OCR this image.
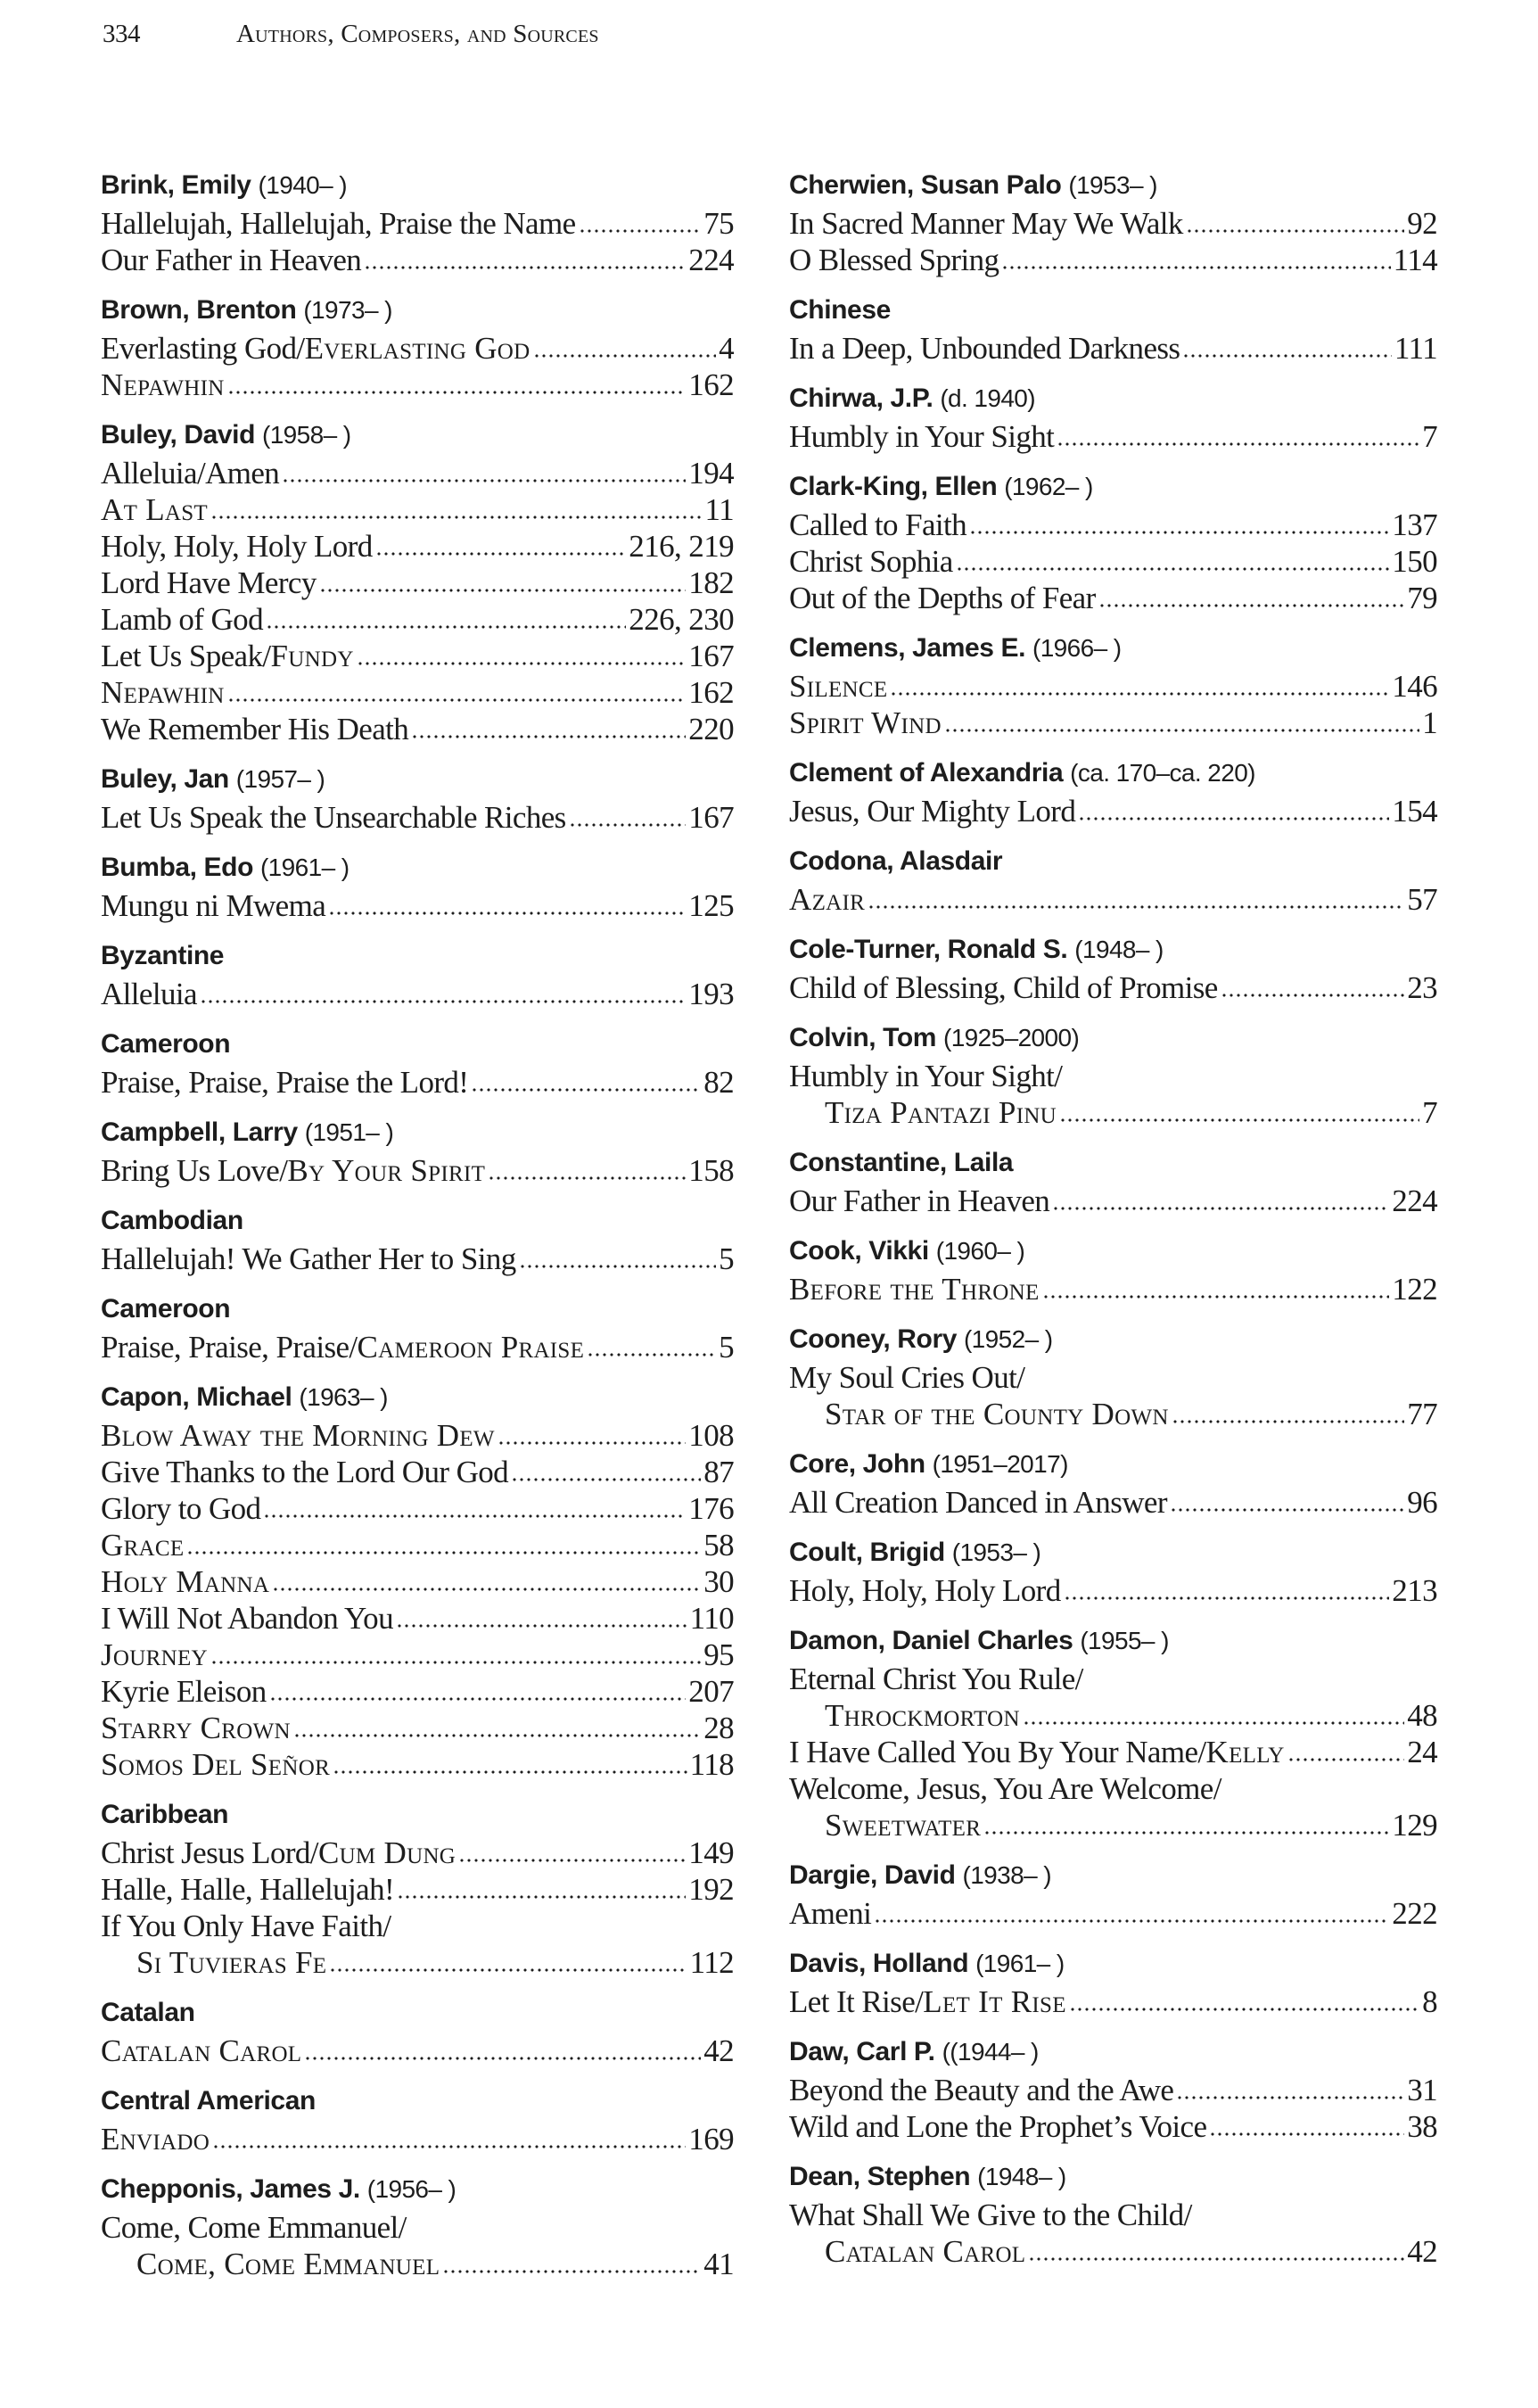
334	Authors, Composers, and Sources
Brink, Emily (1940– )
Hallelujah, Hallelujah, Praise the Name	75
Our Father in Heaven	224
Brown, Brenton (1973– )
Everlasting God/Everlasting God	4
Nepawhin	162
Buley, David (1958– )
Alleluia/Amen	194
At Last	11
Holy, Holy, Holy Lord	216, 219
Lord Have Mercy	182
Lamb of God	226, 230
Let Us Speak/Fundy	167
Nepawhin	162
We Remember His Death	220
Buley, Jan (1957– )
Let Us Speak the Unsearchable Riches	167
Bumba, Edo (1961– )
Mungu ni Mwema	125
Byzantine
Alleluia	193
Cameroon
Praise, Praise, Praise the Lord!	82
Campbell, Larry (1951– )
Bring Us Love/By Your Spirit	158
Cambodian
Hallelujah! We Gather Her to Sing	5
Cameroon
Praise, Praise, Praise/Cameroon Praise	5
Capon, Michael (1963– )
Blow Away the Morning Dew	108
Give Thanks to the Lord Our God	87
Glory to God	176
Grace	58
Holy Manna	30
I Will Not Abandon You	110
Journey	95
Kyrie Eleison	207
Starry Crown	28
Somos Del Señor	118
Caribbean
Christ Jesus Lord/Cum Dung	149
Halle, Halle, Hallelujah!	192
If You Only Have Faith/
Si Tuvieras Fe	112
Catalan
Catalan Carol	42
Central American
Enviado	169
Chepponis, James J. (1956– )
Come, Come Emmanuel/
Come, Come Emmanuel	41
Cherwien, Susan Palo (1953– )
In Sacred Manner May We Walk	92
O Blessed Spring	114
Chinese
In a Deep, Unbounded Darkness	111
Chirwa, J.P. (d. 1940)
Humbly in Your Sight	7
Clark-King, Ellen (1962– )
Called to Faith	137
Christ Sophia	150
Out of the Depths of Fear	79
Clemens, James E. (1966– )
Silence	146
Spirit Wind	1
Clement of Alexandria (ca. 170–ca. 220)
Jesus, Our Mighty Lord	154
Codona, Alasdair
Azair	57
Cole-Turner, Ronald S. (1948– )
Child of Blessing, Child of Promise	23
Colvin, Tom (1925–2000)
Humbly in Your Sight/
Tiza Pantazi Pinu	7
Constantine, Laila
Our Father in Heaven	224
Cook, Vikki (1960– )
Before the Throne	122
Cooney, Rory (1952– )
My Soul Cries Out/
Star of the County Down	77
Core, John (1951–2017)
All Creation Danced in Answer	96
Coult, Brigid (1953– )
Holy, Holy, Holy Lord	213
Damon, Daniel Charles (1955– )
Eternal Christ You Rule/
Throckmorton	48
I Have Called You By Your Name/Kelly	24
Welcome, Jesus, You Are Welcome/
Sweetwater	129
Dargie, David (1938– )
Ameni	222
Davis, Holland (1961– )
Let It Rise/Let It Rise	8
Daw, Carl P. ((1944– )
Beyond the Beauty and the Awe	31
Wild and Lone the Prophet’s Voice	38
Dean, Stephen (1948– )
What Shall We Give to the Child/
Catalan Carol	42
